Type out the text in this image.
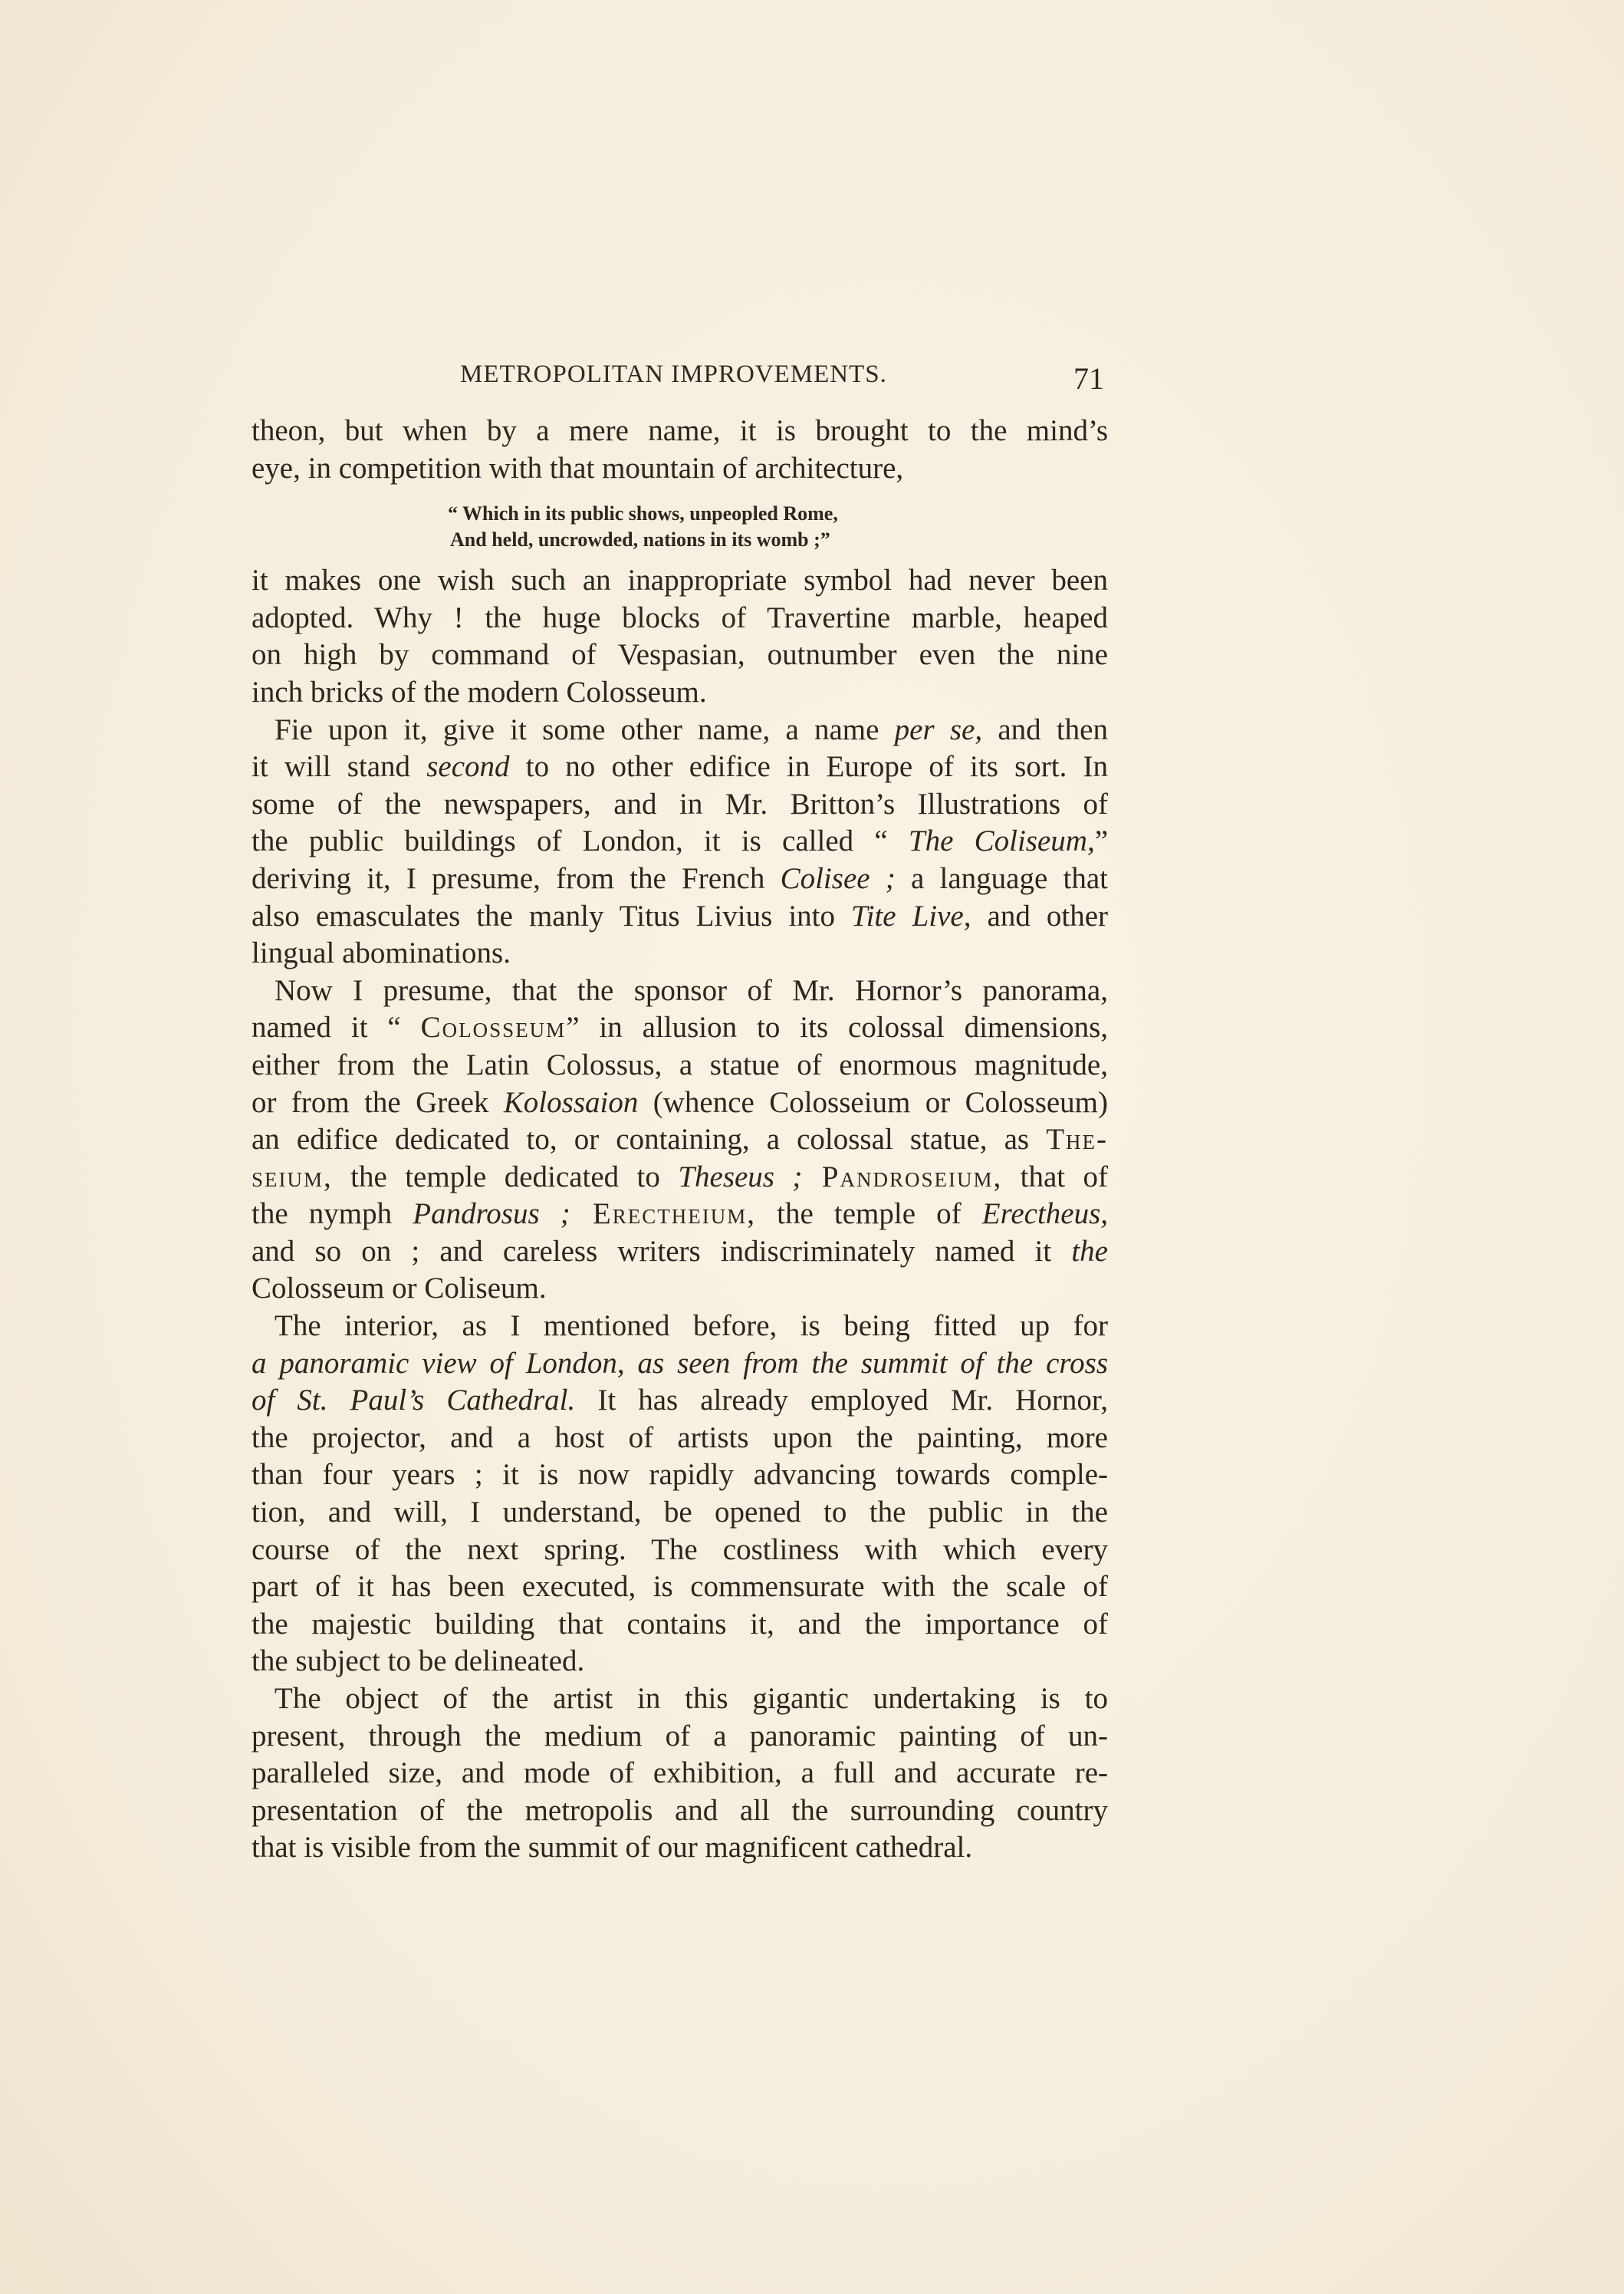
METROPOLITAN IMPROVEMENTS.	71
theon, but when by a mere name, it is brought to the mind’s
eye, in competition with that mountain of architecture,
“ Which in its public shows, unpeopled Rome,
And held, uncrowded, nations in its womb ;”
it makes one wish such an inappropriate symbol had never been
adopted. Why ! the huge blocks of Travertine marble, heaped
on high by command of Vespasian, outnumber even the nine
inch bricks of the modern Colosseum.
Fie upon it, give it some other name, a name per se, and then
it will stand second to no other edifice in Europe of its sort. In
some of the newspapers, and in Mr. Britton’s Illustrations of
the public buildings of London, it is called “ The Coliseum,”
deriving it, I presume, from the French Colisee ; a language that
also emasculates the manly Titus Livius into Tite Live, and other
lingual abominations.
Now I presume, that the sponsor of Mr. Hornor’s panorama,
named it “ Colosseum” in allusion to its colossal dimensions,
either from the Latin Colossus, a statue of enormous magnitude,
or from the Greek Kolossaion (whence Colosseium or Colosseum)
an edifice dedicated to, or containing, a colossal statue, as The-
seium, the temple dedicated to Theseus ; Pandroseium, that of
the nymph Pandrosus ; Erectheium, the temple of Erectheus,
and so on ; and careless writers indiscriminately named it the
Colosseum or Coliseum.
The interior, as I mentioned before, is being fitted up for
a panoramic view of London, as seen from the summit of the cross
of St. Paul’s Cathedral. It has already employed Mr. Hornor,
the projector, and a host of artists upon the painting, more
than four years ; it is now rapidly advancing towards comple-
tion, and will, I understand, be opened to the public in the
course of the next spring. The costliness with which every
part of it has been executed, is commensurate with the scale of
the majestic building that contains it, and the importance of
the subject to be delineated.
The object of the artist in this gigantic undertaking is to
present, through the medium of a panoramic painting of un-
paralleled size, and mode of exhibition, a full and accurate re-
presentation of the metropolis and all the surrounding country
that is visible from the summit of our magnificent cathedral.
